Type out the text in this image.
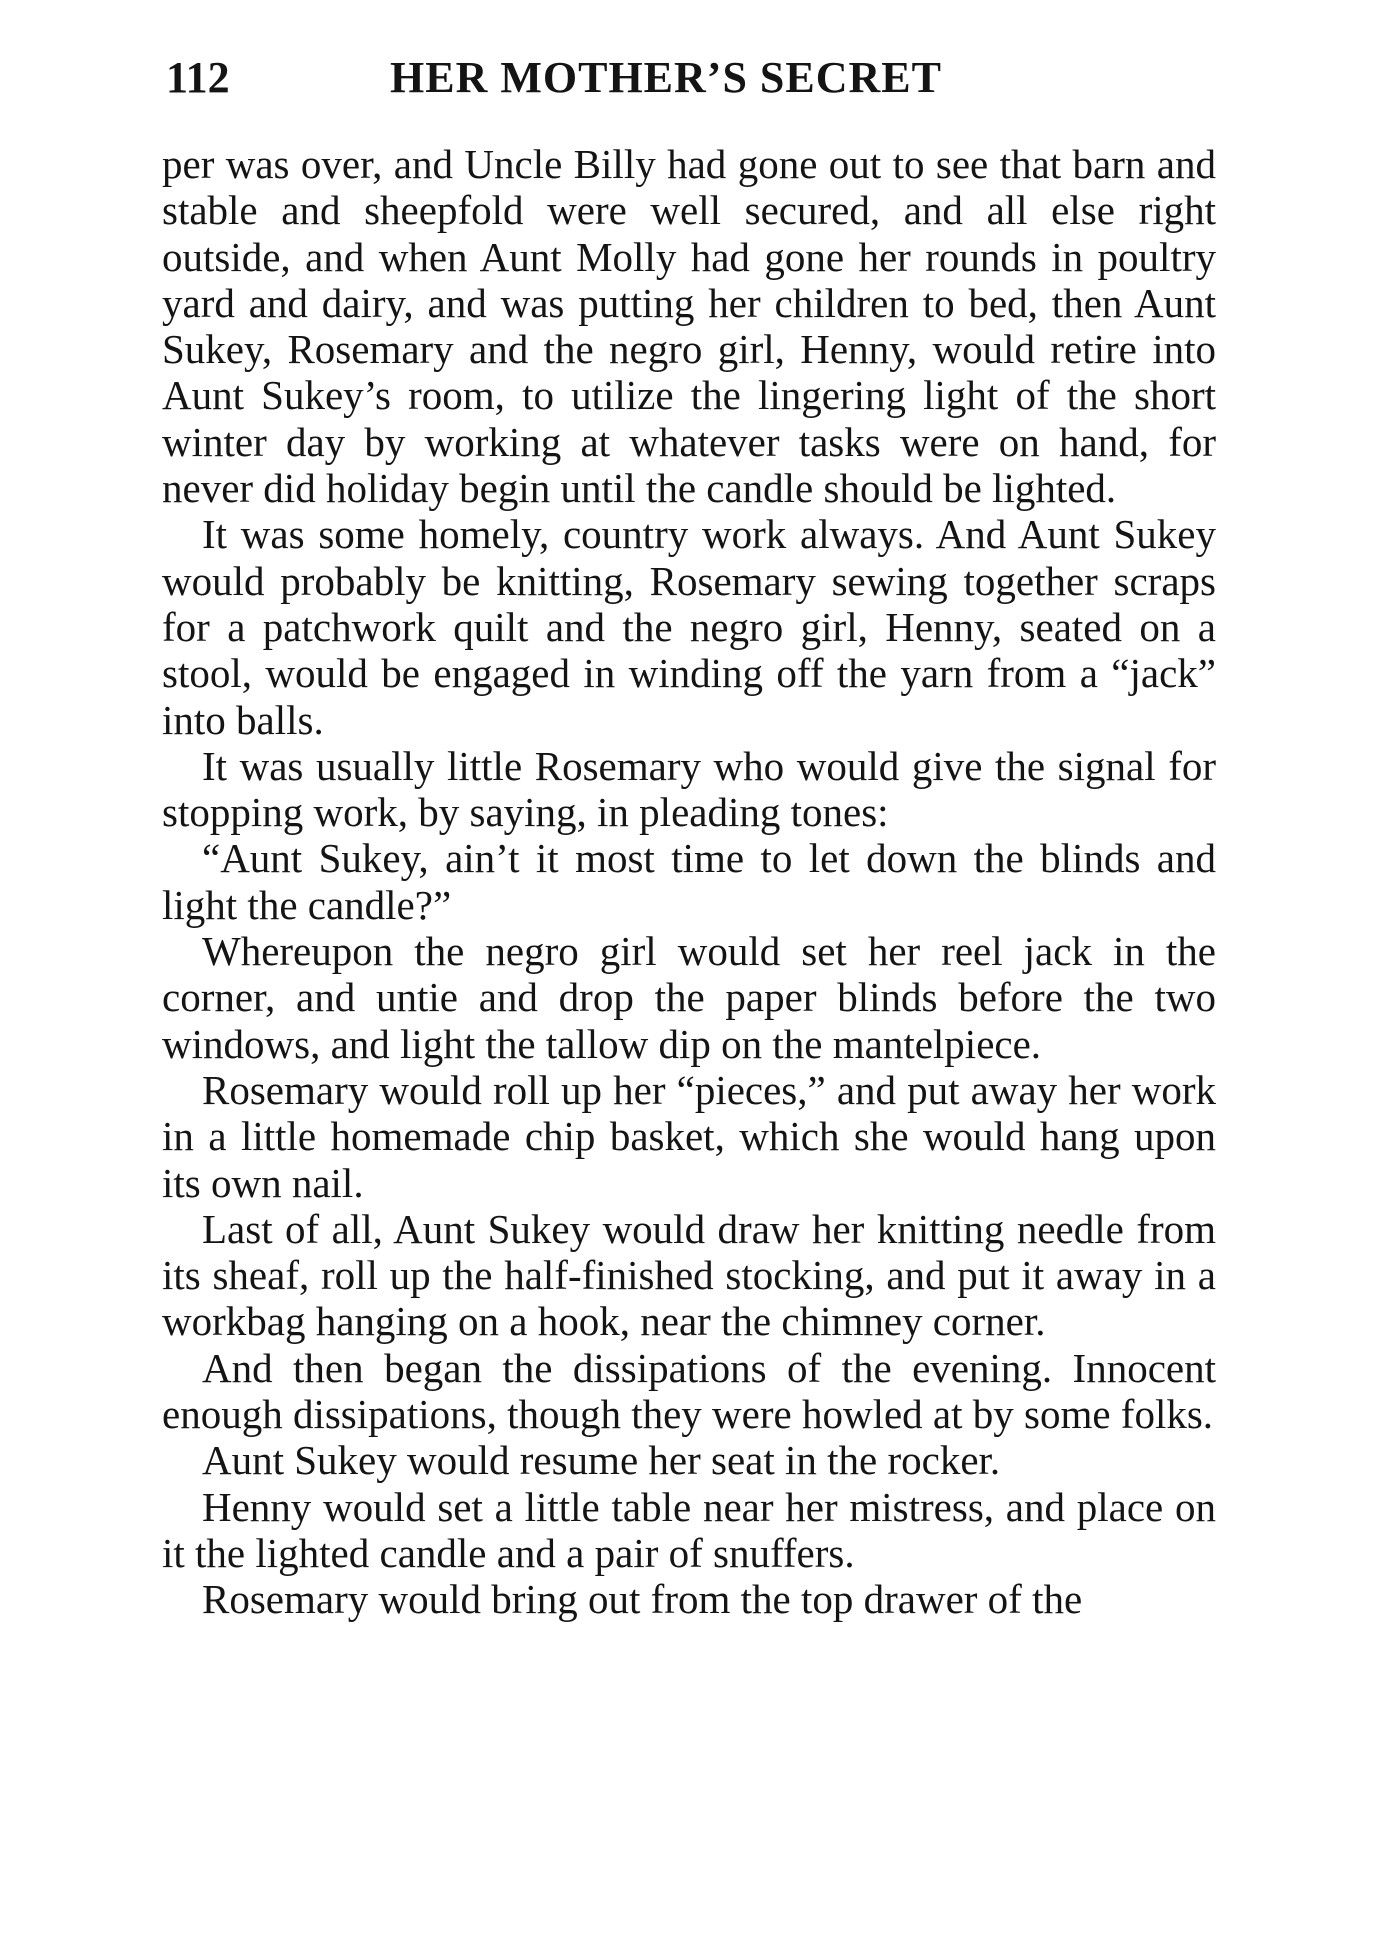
112	HER MOTHER’S SECRET

per was over, and Uncle Billy had gone out to see that barn and stable and sheepfold were well secured, and all else right outside, and when Aunt Molly had gone her rounds in poultry yard and dairy, and was putting her children to bed, then Aunt Sukey, Rosemary and the negro girl, Henny, would retire into Aunt Sukey’s room, to utilize the lingering light of the short winter day by working at whatever tasks were on hand, for never did holiday begin until the candle should be lighted.

It was some homely, country work always. And Aunt Sukey would probably be knitting, Rosemary sewing together scraps for a patchwork quilt and the negro girl, Henny, seated on a stool, would be engaged in winding off the yarn from a “jack” into balls.

It was usually little Rosemary who would give the signal for stopping work, by saying, in pleading tones:

“Aunt Sukey, ain’t it most time to let down the blinds and light the candle?”

Whereupon the negro girl would set her reel jack in the corner, and untie and drop the paper blinds before the two windows, and light the tallow dip on the mantelpiece.

Rosemary would roll up her “pieces,” and put away her work in a little homemade chip basket, which she would hang upon its own nail.

Last of all, Aunt Sukey would draw her knitting needle from its sheaf, roll up the half-finished stocking, and put it away in a workbag hanging on a hook, near the chimney corner.

And then began the dissipations of the evening. Innocent enough dissipations, though they were howled at by some folks.

Aunt Sukey would resume her seat in the rocker.

Henny would set a little table near her mistress, and place on it the lighted candle and a pair of snuffers.

Rosemary would bring out from the top drawer of the
